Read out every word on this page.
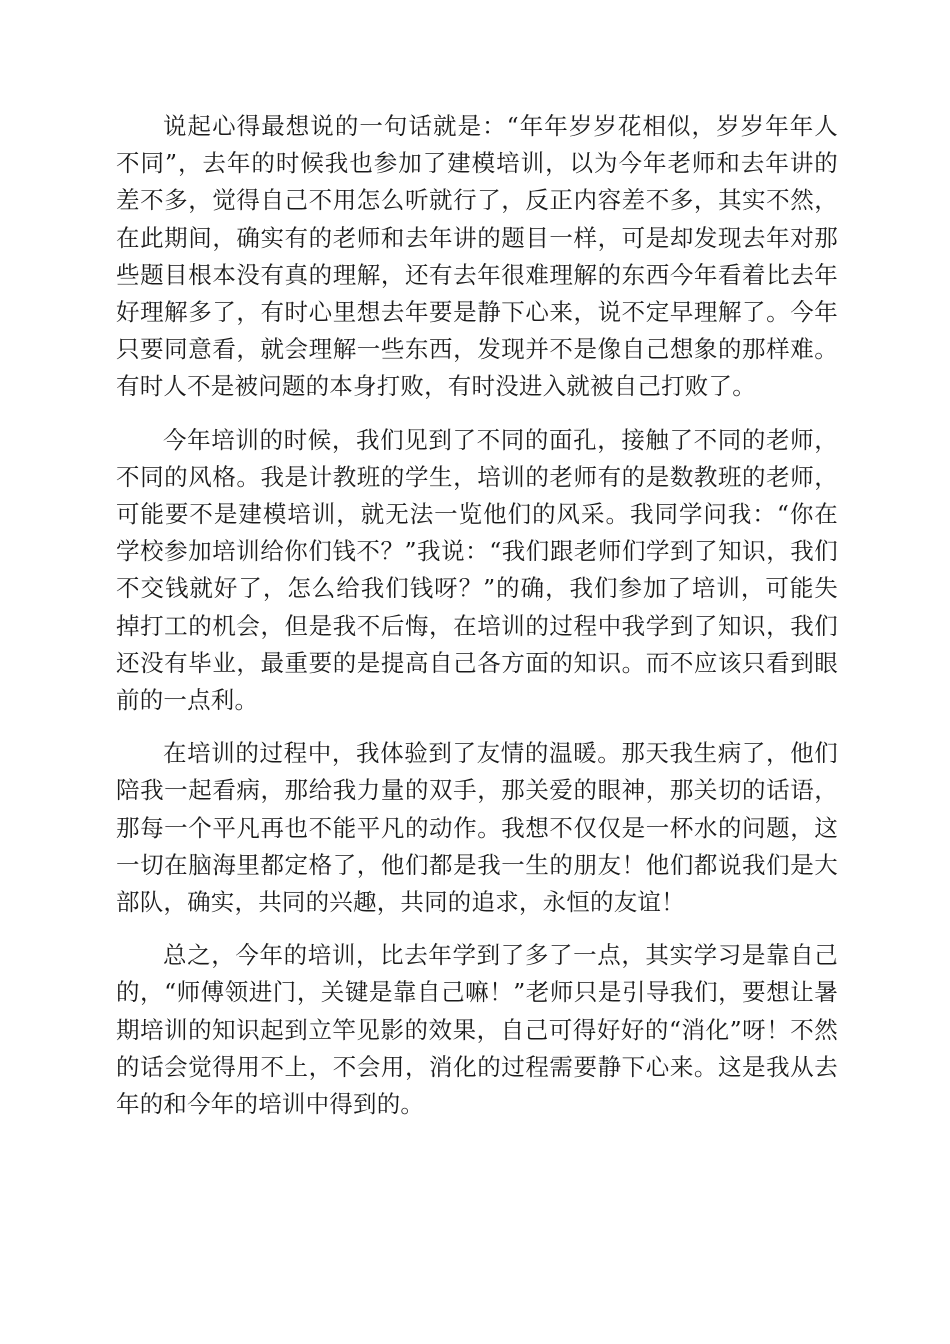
说起心得最想说的一句话就是：“年年岁岁花相似，岁岁年年人不同”，去年的时候我也参加了建模培训，以为今年老师和去年讲的差不多，觉得自己不用怎么听就行了，反正内容差不多，其实不然，在此期间，确实有的老师和去年讲的题目一样，可是却发现去年对那些题目根本没有真的理解，还有去年很难理解的东西今年看着比去年好理解多了，有时心里想去年要是静下心来，说不定早理解了。今年只要同意看，就会理解一些东西，发现并不是像自己想象的那样难。有时人不是被问题的本身打败，有时没进入就被自己打败了。

今年培训的时候，我们见到了不同的面孔，接触了不同的老师，不同的风格。我是计教班的学生，培训的老师有的是数教班的老师，可能要不是建模培训，就无法一览他们的风采。我同学问我：“你在学校参加培训给你们钱不？”我说：“我们跟老师们学到了知识，我们不交钱就好了，怎么给我们钱呀？”的确，我们参加了培训，可能失掉打工的机会，但是我不后悔，在培训的过程中我学到了知识，我们还没有毕业，最重要的是提高自己各方面的知识。而不应该只看到眼前的一点利。

在培训的过程中，我体验到了友情的温暖。那天我生病了，他们陪我一起看病，那给我力量的双手，那关爱的眼神，那关切的话语，那每一个平凡再也不能平凡的动作。我想不仅仅是一杯水的问题，这一切在脑海里都定格了，他们都是我一生的朋友！他们都说我们是大部队，确实，共同的兴趣，共同的追求，永恒的友谊！

总之，今年的培训，比去年学到了多了一点，其实学习是靠自己的，“师傅领进门，关键是靠自己嘛！”老师只是引导我们，要想让暑期培训的知识起到立竿见影的效果，自己可得好好的“消化”呀！不然的话会觉得用不上，不会用，消化的过程需要静下心来。这是我从去年的和今年的培训中得到的。
